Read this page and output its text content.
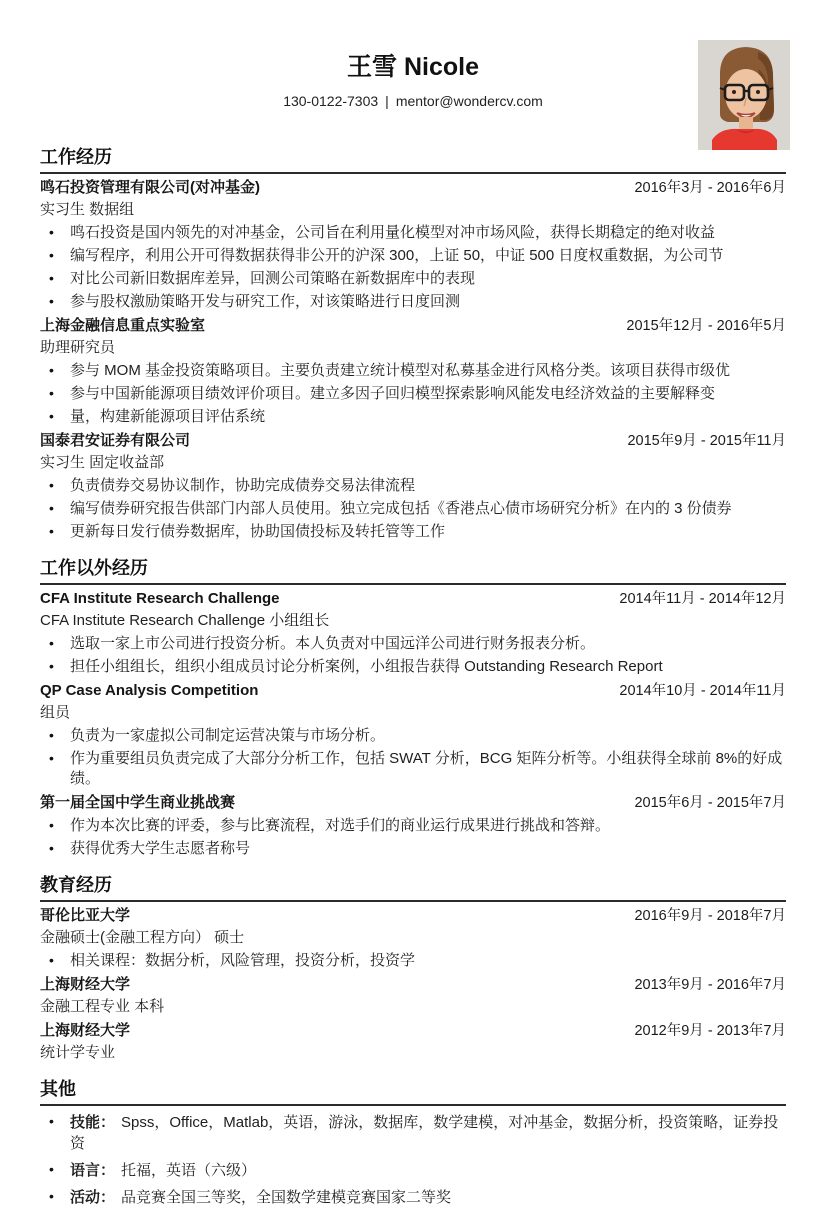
王雪 Nicole
130-0122-7303 | mentor@wondercv.com
工作经历
鸣石投资管理有限公司(对冲基金)	2016年3月 - 2016年6月
实习生 数据组
• 鸣石投资是国内领先的对冲基金，公司旨在利用量化模型对冲市场风险，获得长期稳定的绝对收益
• 编写程序，利用公开可得数据获得非公开的沪深 300，上证 50，中证 500 日度权重数据，为公司节
• 对比公司新旧数据库差异，回测公司策略在新数据库中的表现
• 参与股权激励策略开发与研究工作，对该策略进行日度回测
上海金融信息重点实验室	2015年12月 - 2016年5月
助理研究员
• 参与 MOM 基金投资策略项目。主要负责建立统计模型对私募基金进行风格分类。该项目获得市级优
• 参与中国新能源项目绩效评价项目。建立多因子回归模型探索影响风能发电经济效益的主要解释变
• 量，构建新能源项目评估系统
国泰君安证券有限公司	2015年9月 - 2015年11月
实习生 固定收益部
• 负责债券交易协议制作，协助完成债券交易法律流程
• 编写债券研究报告供部门内部人员使用。独立完成包括《香港点心债市场研究分析》在内的 3 份债券
• 更新每日发行债券数据库，协助国债投标及转托管等工作
工作以外经历
CFA Institute Research Challenge	2014年11月 - 2014年12月
CFA Institute Research Challenge 小组组长
• 选取一家上市公司进行投资分析。本人负责对中国远洋公司进行财务报表分析。
• 担任小组组长，组织小组成员讨论分析案例，小组报告获得 Outstanding Research Report
QP Case Analysis Competition	2014年10月 - 2014年11月
组员
• 负责为一家虚拟公司制定运营决策与市场分析。
• 作为重要组员负责完成了大部分分析工作，包括 SWAT 分析，BCG 矩阵分析等。小组获得全球前 8%的好成绩。
第一届全国中学生商业挑战赛	2015年6月 - 2015年7月
• 作为本次比赛的评委，参与比赛流程，对选手们的商业运行成果进行挑战和答辩。
• 获得优秀大学生志愿者称号
教育经历
哥伦比亚大学	2016年9月 - 2018年7月
金融硕士(金融工程方向） 硕士
• 相关课程：数据分析，风险管理，投资分析，投资学
上海财经大学	2013年9月 - 2016年7月
金融工程专业 本科
上海财经大学	2012年9月 - 2013年7月
统计学专业
其他
• 技能： Spss，Office，Matlab，英语，游泳，数据库，数学建模，对冲基金，数据分析，投资策略，证券投资
• 语言： 托福，英语（六级）
• 活动： 品竞赛全国三等奖，全国数学建模竞赛国家二等奖
